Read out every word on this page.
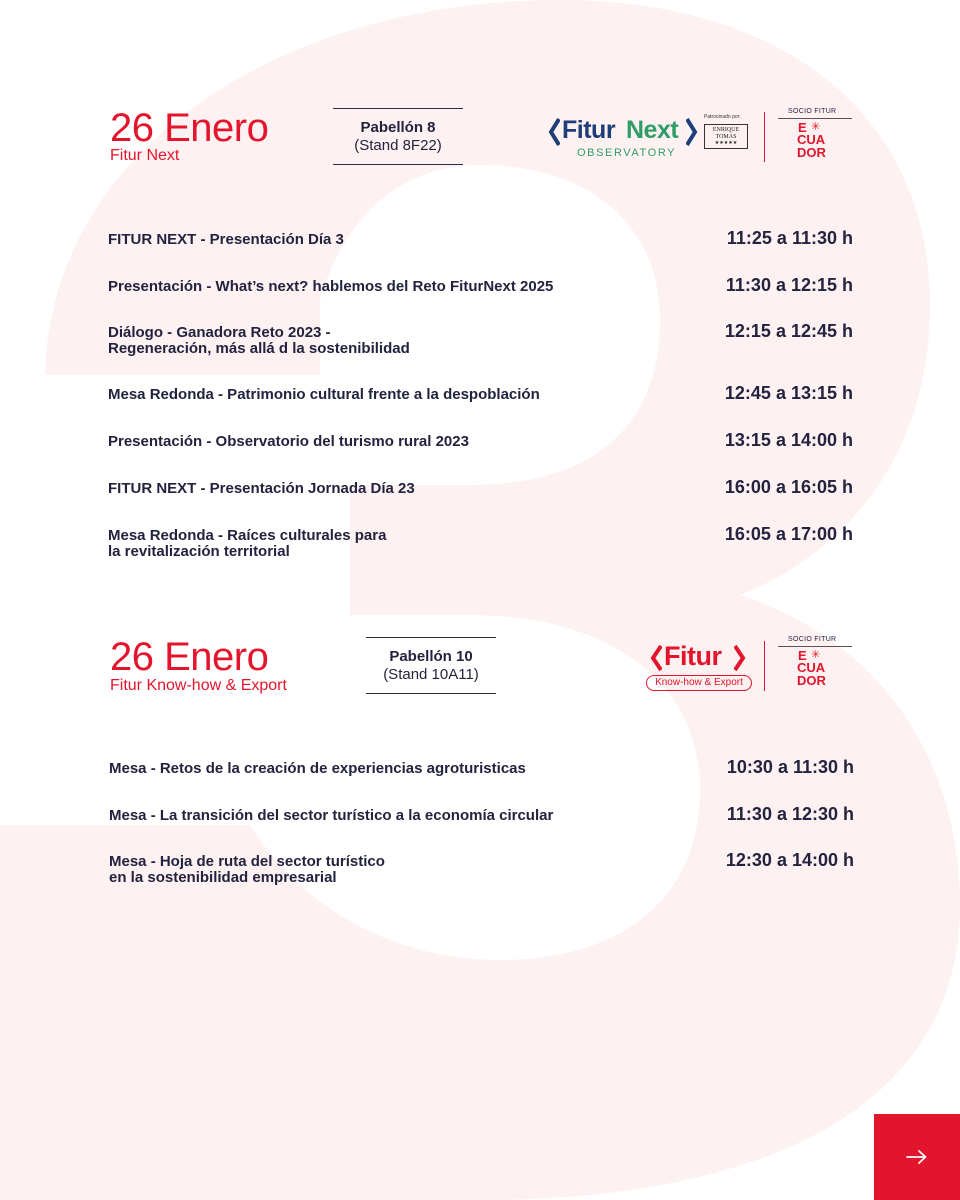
26 Enero
Fitur Next
Pabellón 8
(Stand 8F22)
Fitur Next
OBSERVATORY
Patrocinado por:
ENRIQUE
TOMÁS
★★★★★
SOCIO FITUR
E ✳
CUA
DOR
FITUR NEXT - Presentación Día 3	11:25 a 11:30 h
Presentación - What’s next? hablemos del Reto FiturNext 2025	11:30 a 12:15 h
Diálogo - Ganadora Reto 2023 -
Regeneración, más allá d la sostenibilidad
12:15 a 12:45 h
Mesa Redonda - Patrimonio cultural frente a la despoblación	12:45 a 13:15 h
Presentación - Observatorio del turismo rural 2023	13:15 a 14:00 h
FITUR NEXT - Presentación Jornada Día 23	16:00 a 16:05 h
Mesa Redonda - Raíces culturales para
la revitalización territorial
16:05 a 17:00 h
26 Enero
Fitur Know-how & Export
Pabellón 10
(Stand 10A11)
Fitur
Know-how & Export
SOCIO FITUR
E ✳
CUA
DOR
Mesa - Retos de la creación de experiencias agroturisticas	10:30 a 11:30 h
Mesa - La transición del sector turístico a la economía circular	11:30 a 12:30 h
Mesa - Hoja de ruta del sector turístico
en la sostenibilidad empresarial
12:30 a 14:00 h
